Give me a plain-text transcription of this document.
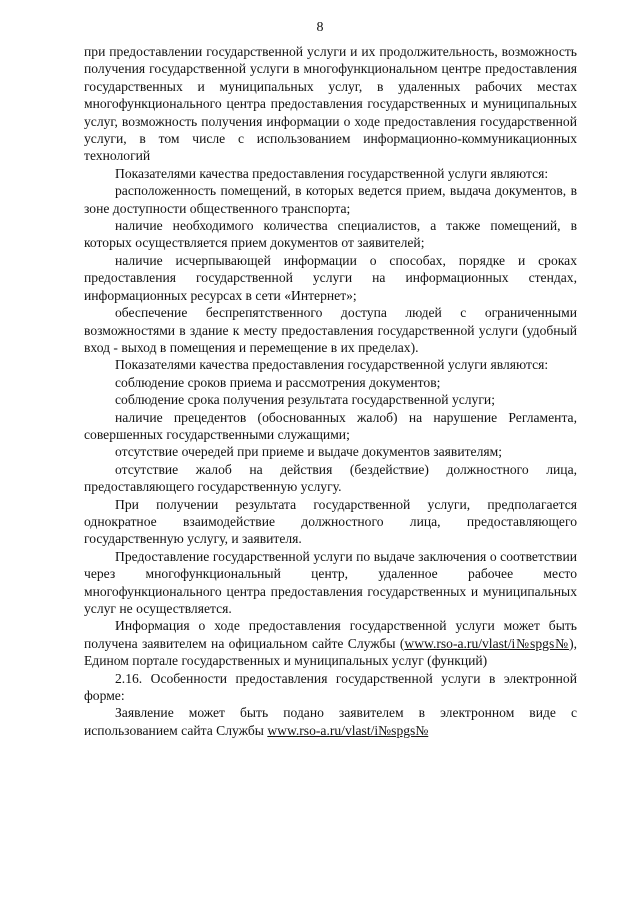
8

при предоставлении государственной услуги и их продолжительность, возможность получения государственной услуги в многофункциональном центре предоставления государственных и муниципальных услуг, в удаленных рабочих местах многофункционального центра предоставления государственных и муниципальных услуг, возможность получения информации о ходе предоставления государственной услуги, в том числе с использованием информационно-коммуникационных технологий

Показателями качества предоставления государственной услуги являются:

расположенность помещений, в которых ведется прием, выдача документов, в зоне доступности общественного транспорта;

наличие необходимого количества специалистов, а также помещений, в которых осуществляется прием документов от заявителей;

наличие исчерпывающей информации о способах, порядке и сроках предоставления государственной услуги на информационных стендах, информационных ресурсах в сети «Интернет»;

обеспечение беспрепятственного доступа людей с ограниченными возможностями в здание к месту предоставления государственной услуги (удобный вход - выход в помещения и перемещение в их пределах).

Показателями качества предоставления государственной услуги являются:

соблюдение сроков приема и рассмотрения документов;

соблюдение срока получения результата государственной услуги;

наличие прецедентов (обоснованных жалоб) на нарушение Регламента, совершенных государственными служащими;

отсутствие очередей при приеме и выдаче документов заявителям;

отсутствие жалоб на действия (бездействие) должностного лица, предоставляющего государственную услугу.

При получении результата государственной услуги, предполагается однократное взаимодействие должностного лица, предоставляющего государственную услугу, и заявителя.

Предоставление государственной услуги по выдаче заключения о соответствии через многофункциональный центр, удаленное рабочее место многофункционального центра предоставления государственных и муниципальных услуг не осуществляется.

Информация о ходе предоставления государственной услуги может быть получена заявителем на официальном сайте Службы (www.rso-a.ru/vlast/i№spgs№), Едином портале государственных и муниципальных услуг (функций)

2.16. Особенности предоставления государственной услуги в электронной форме:

Заявление может быть подано заявителем в электронном виде с использованием сайта Службы www.rso-a.ru/vlast/i№spgs№
